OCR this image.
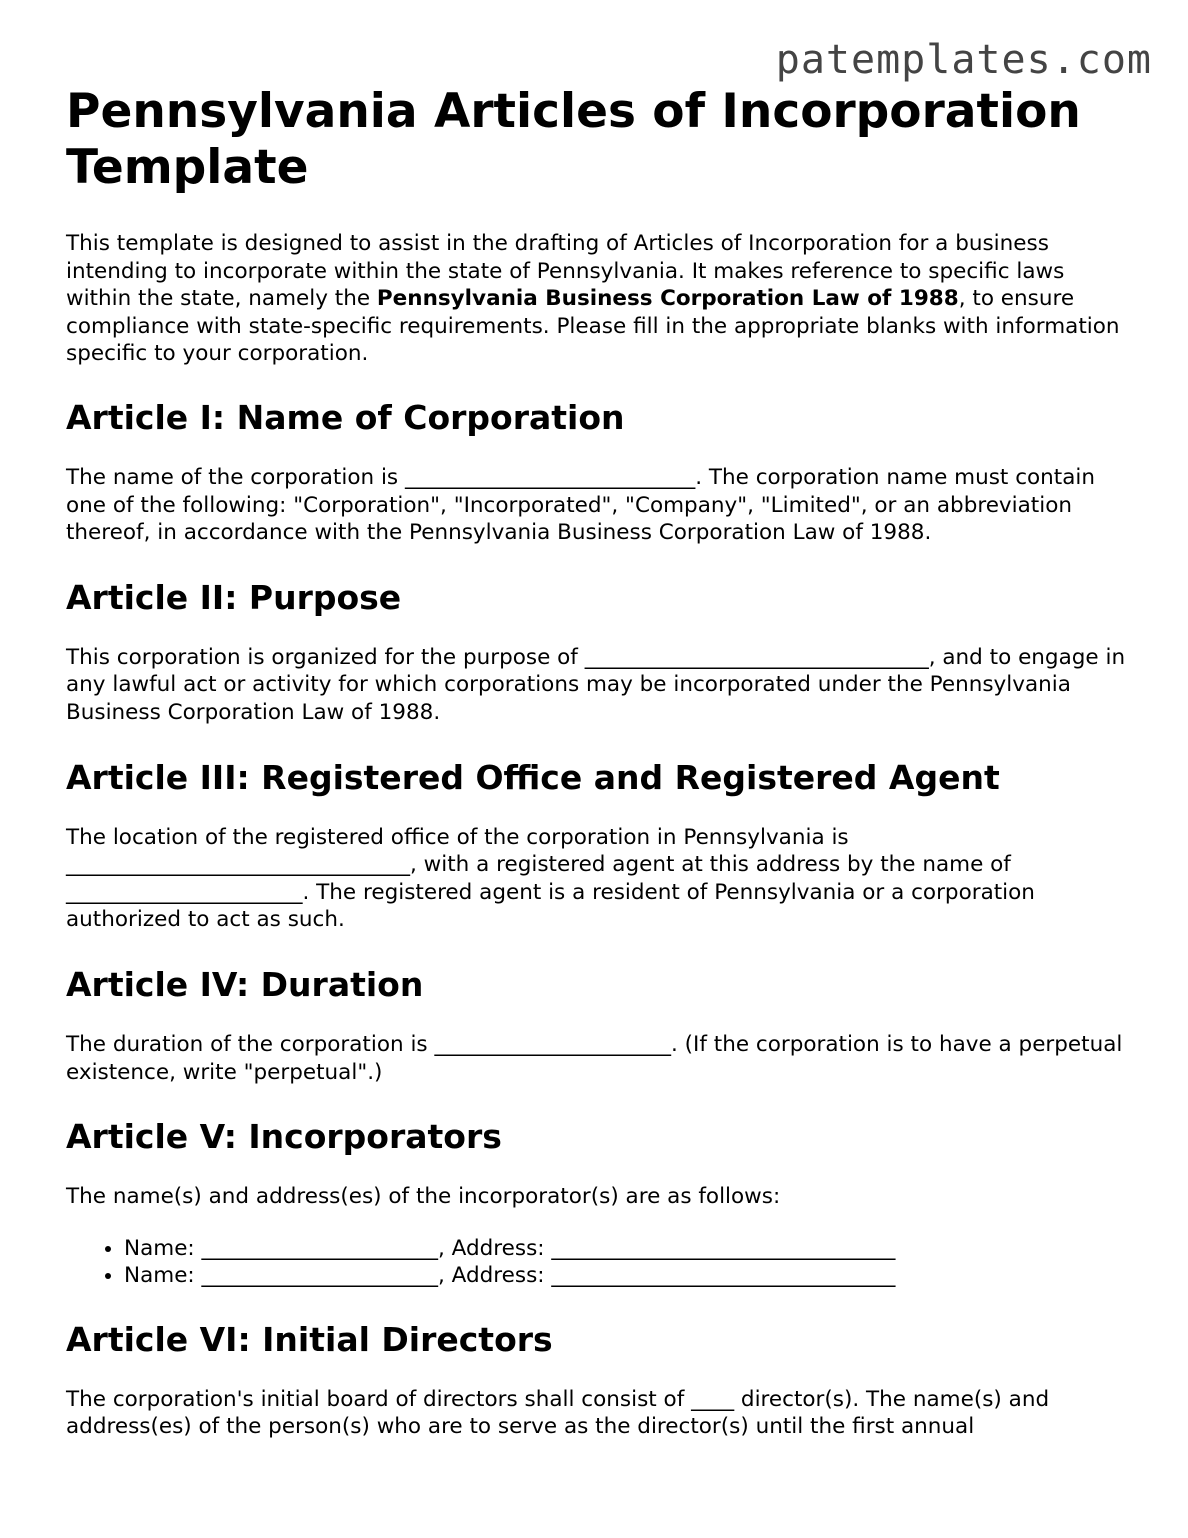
patemplates.com
Pennsylvania Articles of Incorporation Template

This template is designed to assist in the drafting of Articles of Incorporation for a business intending to incorporate within the state of Pennsylvania. It makes reference to specific laws within the state, namely the Pennsylvania Business Corporation Law of 1988, to ensure compliance with state-specific requirements. Please fill in the appropriate blanks with information specific to your corporation.

Article I: Name of Corporation

The name of the corporation is ___________________________. The corporation name must contain one of the following: "Corporation", "Incorporated", "Company", "Limited", or an abbreviation thereof, in accordance with the Pennsylvania Business Corporation Law of 1988.

Article II: Purpose

This corporation is organized for the purpose of ________________________________, and to engage in any lawful act or activity for which corporations may be incorporated under the Pennsylvania Business Corporation Law of 1988.

Article III: Registered Office and Registered Agent

The location of the registered office of the corporation in Pennsylvania is ________________________________, with a registered agent at this address by the name of ______________________. The registered agent is a resident of Pennsylvania or a corporation authorized to act as such.

Article IV: Duration

The duration of the corporation is ______________________. (If the corporation is to have a perpetual existence, write "perpetual".)

Article V: Incorporators

The name(s) and address(es) of the incorporator(s) are as follows:

• Name: ______________________, Address: ________________________________
• Name: ______________________, Address: ________________________________
Article VI: Initial Directors

The corporation's initial board of directors shall consist of ____ director(s). The name(s) and address(es) of the person(s) who are to serve as the director(s) until the first annual
